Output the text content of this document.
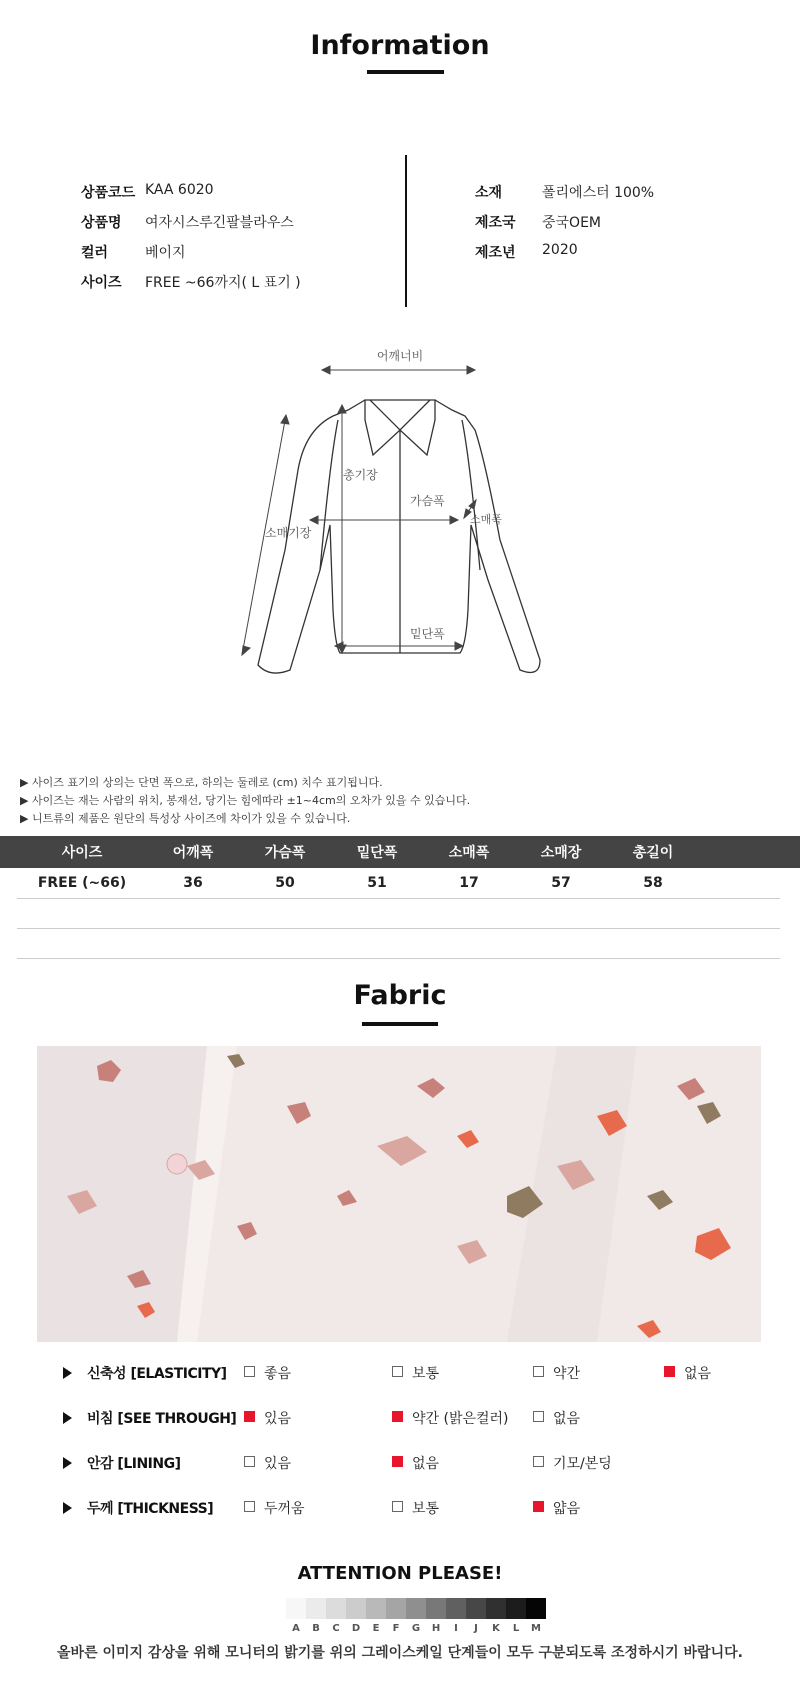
Information
상품코드 KAA 6020
상품명 여자시스루긴팔블라우스
컬러	베이지
사이즈 FREE ~66까지( L 표기 )
소재	폴리에스터 100%
제조국 중국OEM
제조년 2020
어깨너비
총기장
가슴폭
소매폭
소매기장
밑단폭
▶ 사이즈 표기의 상의는 단면 폭으로, 하의는 둘레로 (cm) 치수 표기됩니다.
▶ 사이즈는 재는 사람의 위치, 봉재선, 당기는 힘에따라 ±1~4cm의 오차가 있을 수 있습니다.
▶ 니트류의 제품은 원단의 특성상 사이즈에 차이가 있을 수 있습니다.
사이즈	어깨폭	가슴폭	밑단폭	소매폭	소매장	총길이	
FREE (~66)	36	50	51	17	57	58	

Fabric
신축성 [ELASTICITY]	좋음	보통	약간	없음
비침 [SEE THROUGH] 있음	약간 (밝은컬러)	없음
안감 [LINING]	있음	없음	기모/본딩
두께 [THICKNESS]	두꺼움	보통	얇음
ATTENTION PLEASE!
A	B	C	D	E	F	G	H	I	J	K	L	M
올바른 이미지 감상을 위해 모니터의 밝기를 위의 그레이스케일 단계들이 모두 구분되도록 조정하시기 바랍니다.
